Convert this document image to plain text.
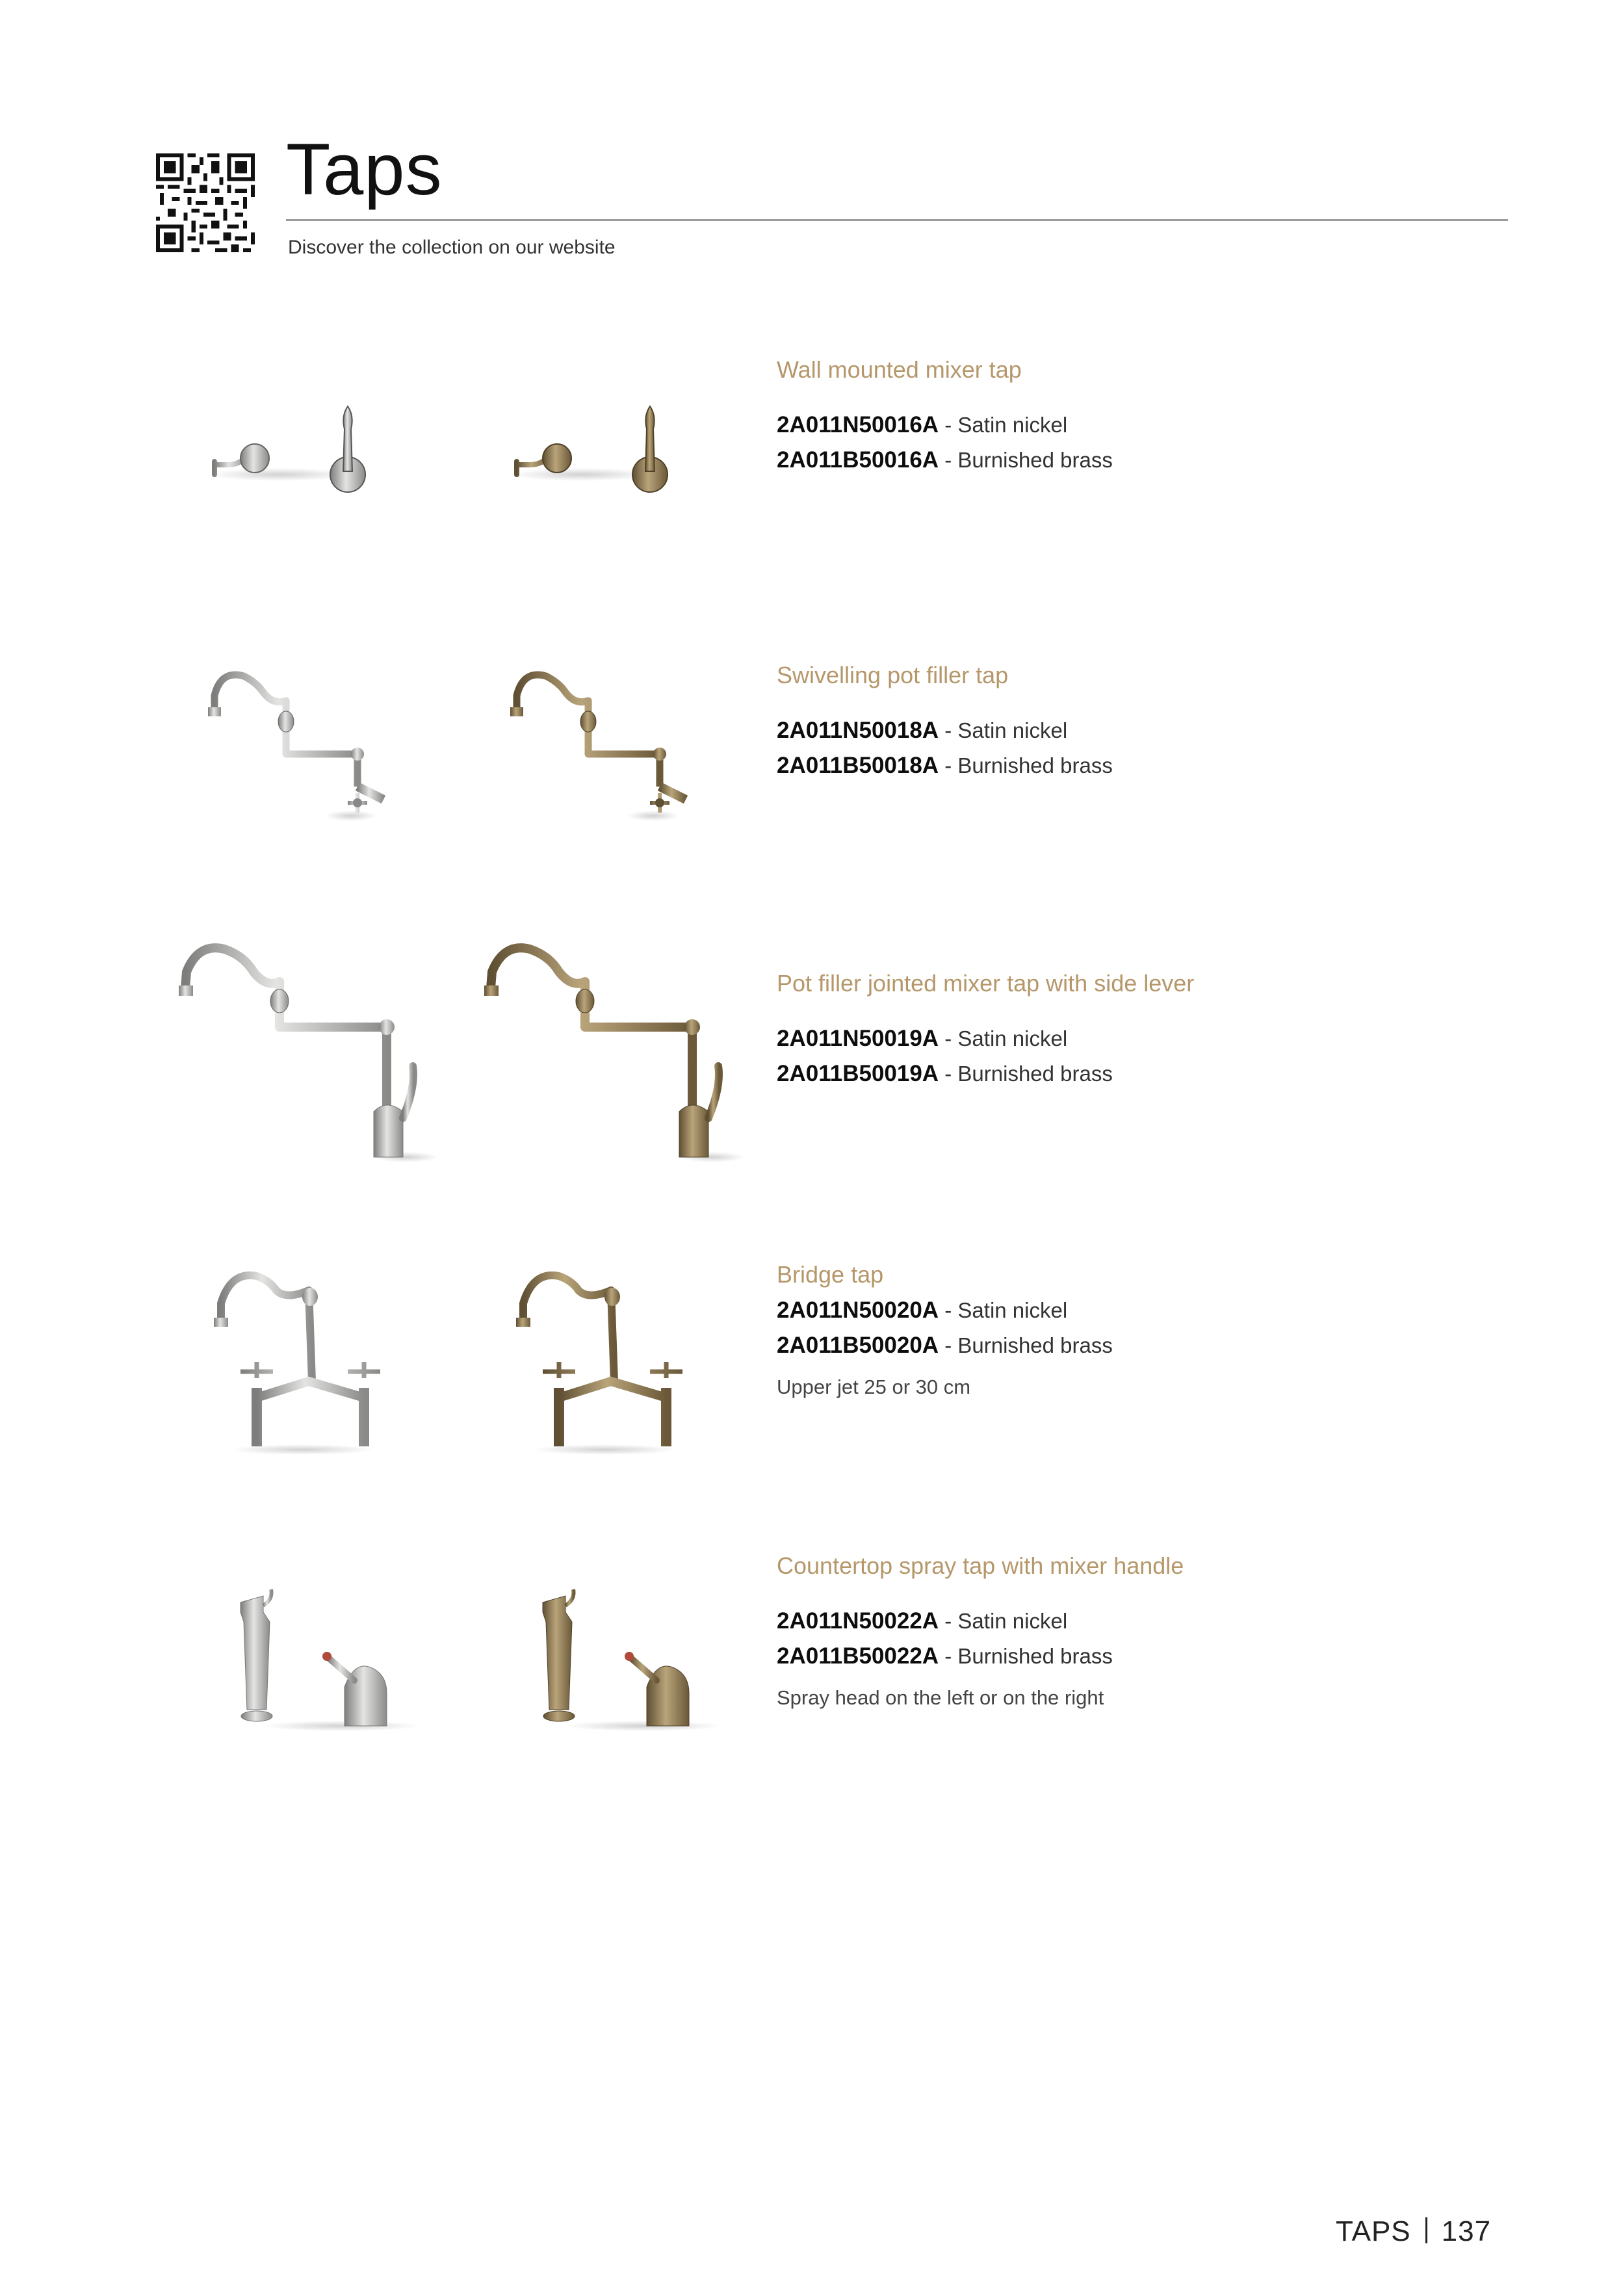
Taps
Discover the collection on our website
Wall mounted mixer tap
2A011N50016A - Satin nickel
2A011B50016A - Burnished brass
Swivelling pot filler tap
2A011N50018A - Satin nickel
2A011B50018A - Burnished brass
Pot filler jointed mixer tap with side lever
2A011N50019A - Satin nickel
2A011B50019A - Burnished brass
Bridge tap
2A011N50020A - Satin nickel
2A011B50020A - Burnished brass
Upper jet 25 or 30 cm
Countertop spray tap with mixer handle
2A011N50022A - Satin nickel
2A011B50022A - Burnished brass
Spray head on the left or on the right
TAPS 137
